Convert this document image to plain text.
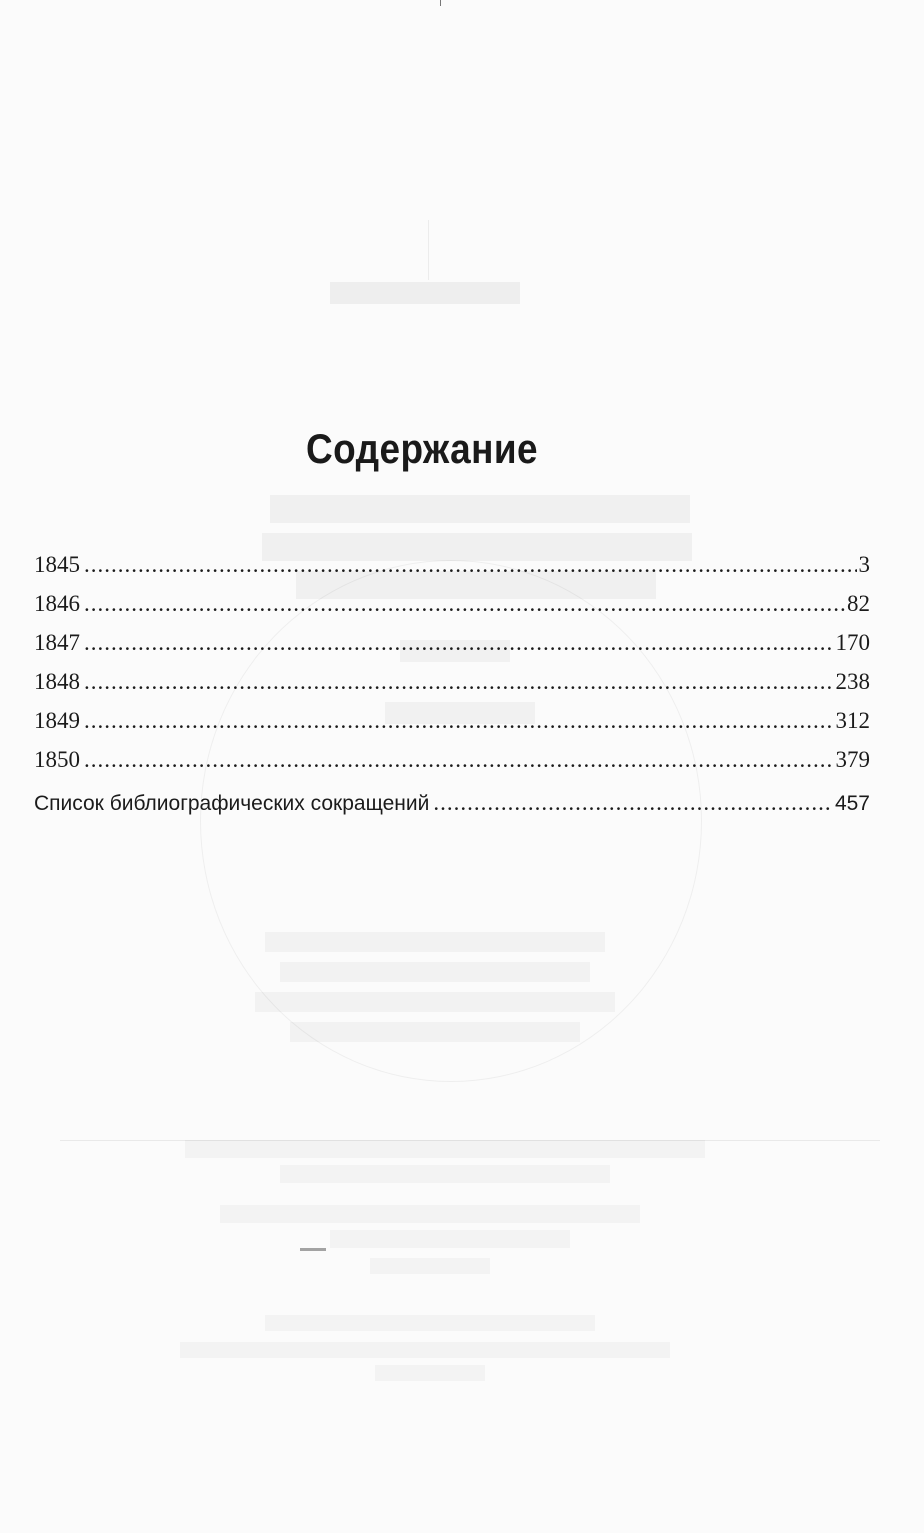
Содержание
1845 .....	3
1846 .....	82
1847 .....	170
1848 .....	238
1849 .....	312
1850 .....	379
Список библиографических сокращений .....	457
